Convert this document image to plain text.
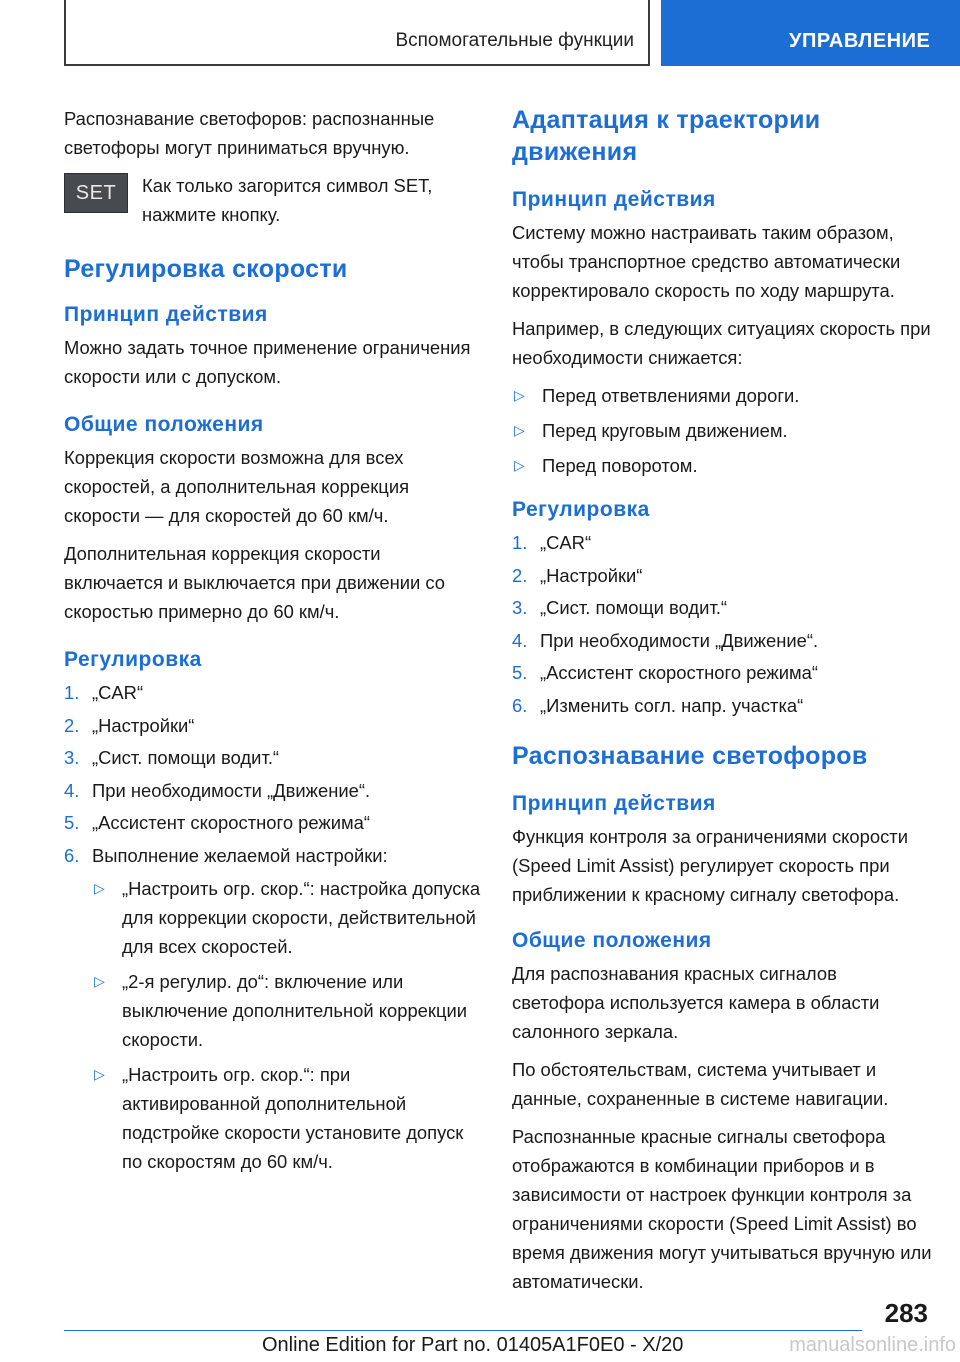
Вспомогательные функции	УПРАВЛЕНИЕ

Распознавание светофоров: распознанные светофоры могут приниматься вручную.

SET Как только загорится символ SET, нажмите кнопку.
Регулировка скорости
Принцип действия

Можно задать точное применение ограничения скорости или с допуском.

Общие положения

Коррекция скорости возможна для всех скоростей, а дополнительная коррекция скорости — для скоростей до 60 км/ч.

Дополнительная коррекция скорости включается и выключается при движении со скоростью примерно до 60 км/ч.

Регулировка
1. „CAR“
2. „Настройки“
3. „Сист. помощи водит.“
4. При необходимости „Движение“.
5. „Ассистент скоростного режима“
6. Выполнение желаемой настройки:
▷ „Настроить огр. скор.“: настройка допуска для коррекции скорости, действительной для всех скоростей.
▷ „2-я регулир. до“: включение или выключение дополнительной коррекции скорости.
▷ „Настроить огр. скор.“: при активированной дополнительной подстройке скорости установите допуск по скоростям до 60 км/ч.
Адаптация к траектории движения
Принцип действия

Систему можно настраивать таким образом, чтобы транспортное средство автоматически корректировало скорость по ходу маршрута.

Например, в следующих ситуациях скорость при необходимости снижается:

▷ Перед ответвлениями дороги.
▷ Перед круговым движением.
▷ Перед поворотом.
Регулировка
1. „CAR“
2. „Настройки“
3. „Сист. помощи водит.“
4. При необходимости „Движение“.
5. „Ассистент скоростного режима“
6. „Изменить согл. напр. участка“
Распознавание светофоров
Принцип действия

Функция контроля за ограничениями скорости (Speed Limit Assist) регулирует скорость при приближении к красному сигналу светофора.

Общие положения

Для распознавания красных сигналов светофора используется камера в области салонного зеркала.

По обстоятельствам, система учитывает и данные, сохраненные в системе навигации.

Распознанные красные сигналы светофора отображаются в комбинации приборов и в зависимости от настроек функции контроля за ограничениями скорости (Speed Limit Assist) во время движения могут учитываться вручную или автоматически.

283
Online Edition for Part no. 01405A1F0E0 - X/20	manualsonline.info
